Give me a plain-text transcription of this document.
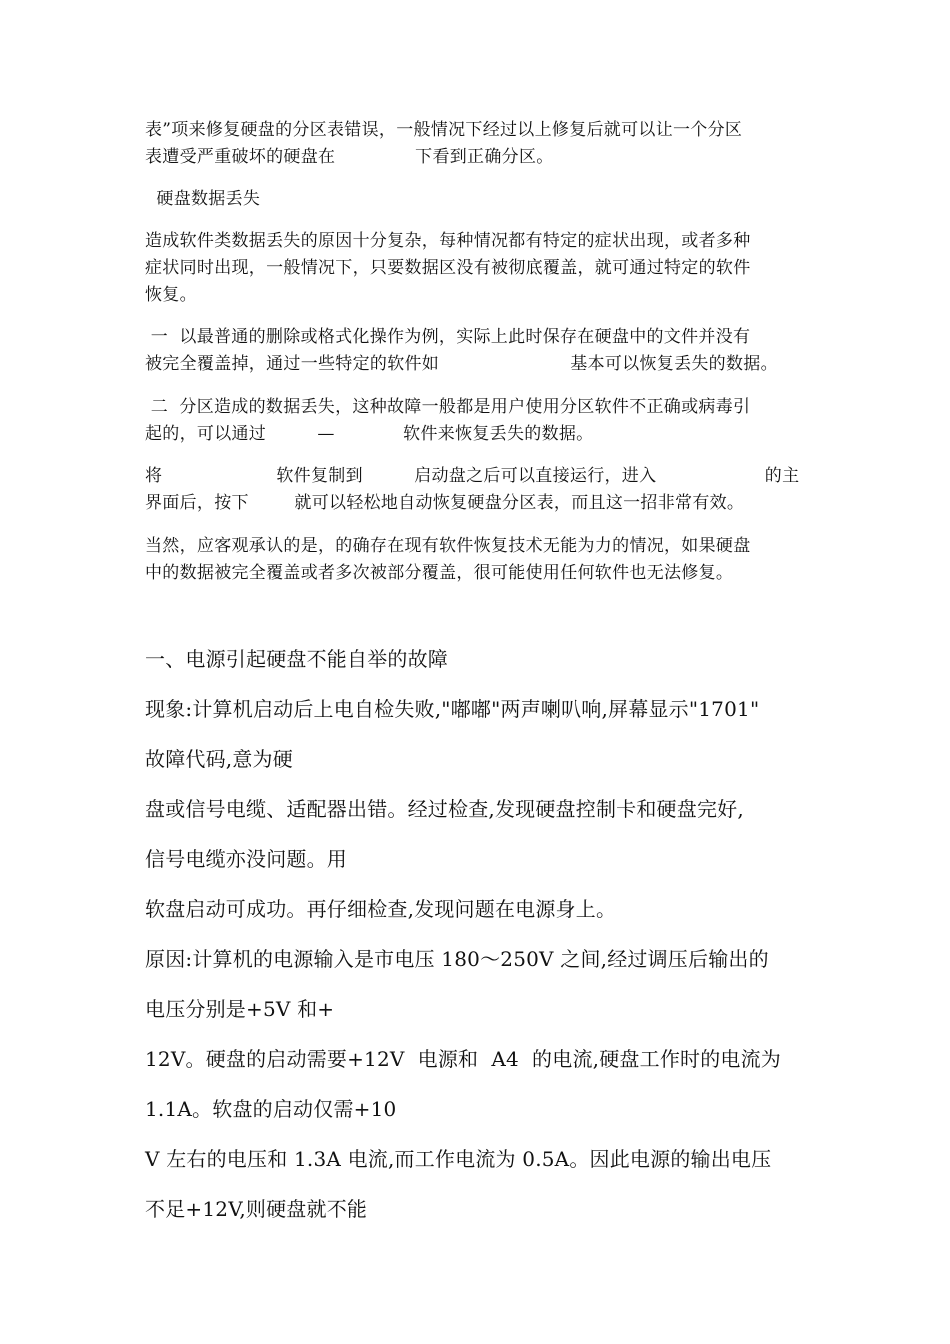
表”项来修复硬盘的分区表错误，一般情况下经过以上修复后就可以让一个分区
表遭受严重破坏的硬盘在              下看到正确分区。
硬盘数据丢失
造成软件类数据丢失的原因十分复杂，每种情况都有特定的症状出现，或者多种
症状同时出现，一般情况下，只要数据区没有被彻底覆盖，就可通过特定的软件
恢复。
一  以最普通的删除或格式化操作为例，实际上此时保存在硬盘中的文件并没有
被完全覆盖掉，通过一些特定的软件如                       基本可以恢复丢失的数据。
二  分区造成的数据丢失，这种故障一般都是用户使用分区软件不正确或病毒引
起的，可以通过         —            软件来恢复丢失的数据。
将                    软件复制到         启动盘之后可以直接运行，进入                   的主
界面后，按下        就可以轻松地自动恢复硬盘分区表，而且这一招非常有效。
当然，应客观承认的是，的确存在现有软件恢复技术无能为力的情况，如果硬盘
中的数据被完全覆盖或者多次被部分覆盖，很可能使用任何软件也无法修复。
一、电源引起硬盘不能自举的故障
现象:计算机启动后上电自检失败,"嘟嘟"两声喇叭响,屏幕显示"1701"
故障代码,意为硬
盘或信号电缆、适配器出错。经过检查,发现硬盘控制卡和硬盘完好,
信号电缆亦没问题。用
软盘启动可成功。再仔细检查,发现问题在电源身上。
原因:计算机的电源输入是市电压 180～250V 之间,经过调压后输出的
电压分别是+5V 和+
12V。硬盘的启动需要+12V  电源和  A4  的电流,硬盘工作时的电流为
1.1A。软盘的启动仅需+10
V 左右的电压和 1.3A 电流,而工作电流为 0.5A。因此电源的输出电压
不足+12V,则硬盘就不能
